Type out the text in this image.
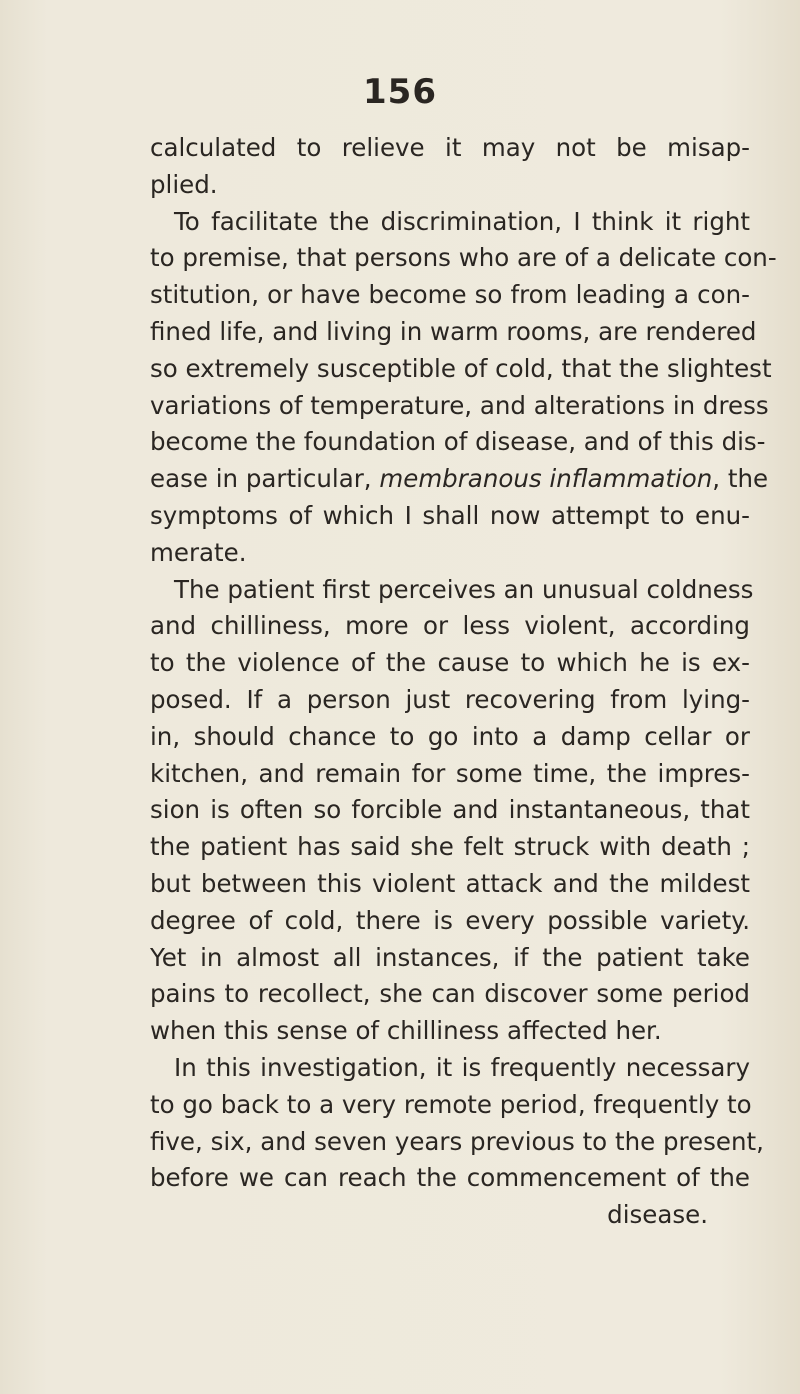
156
calculated to relieve it may not be misap-
plied.
To facilitate the discrimination, I think it right
to premise, that persons who are of a delicate con-
stitution, or have become so from leading a con-
fined life, and living in warm rooms, are rendered
so extremely susceptible of cold, that the slightest
variations of temperature, and alterations in dress
become the foundation of disease, and of this dis-
ease in particular, membranous inflammation, the
symptoms of which I shall now attempt to enu-
merate.
The patient first perceives an unusual coldness
and chilliness, more or less violent, according
to the violence of the cause to which he is ex-
posed. If a person just recovering from lying-
in, should chance to go into a damp cellar or
kitchen, and remain for some time, the impres-
sion is often so forcible and instantaneous, that
the patient has said she felt struck with death ;
but between this violent attack and the mildest
degree of cold, there is every possible variety.
Yet in almost all instances, if the patient take
pains to recollect, she can discover some period
when this sense of chilliness affected her.
In this investigation, it is frequently necessary
to go back to a very remote period, frequently to
five, six, and seven years previous to the present,
before we can reach the commencement of the
disease.
